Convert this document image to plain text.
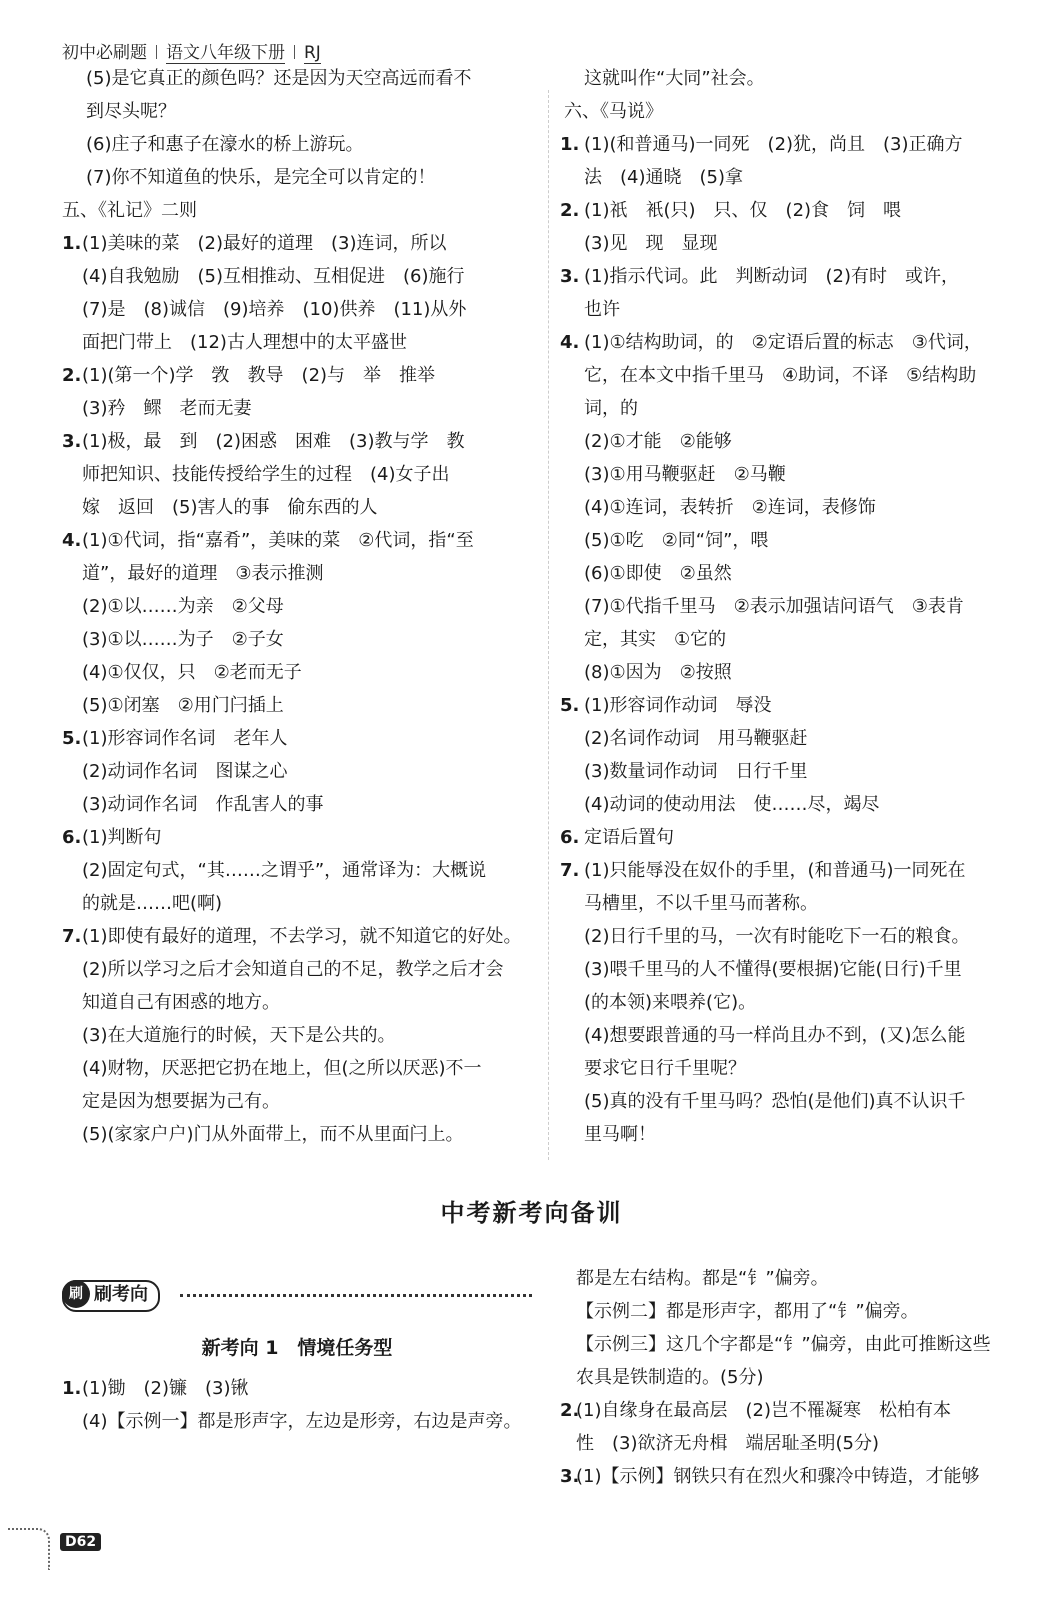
初中必刷题 语文八年级下册 RJ
(5)是它真正的颜色吗？还是因为天空高远而看不
到尽头呢？
(6)庄子和惠子在濠水的桥上游玩。
(7)你不知道鱼的快乐，是完全可以肯定的！
五、《礼记》二则
1. (1)美味的菜　(2)最好的道理　(3)连词，所以
(4)自我勉励　(5)互相推动、互相促进　(6)施行
(7)是　(8)诚信　(9)培养　(10)供养　(11)从外
面把门带上　(12)古人理想中的太平盛世
2. (1)(第一个)学　敩　教导　(2)与　举　推举
(3)矜　鳏　老而无妻
3. (1)极，最　到　(2)困惑　困难　(3)教与学　教
师把知识、技能传授给学生的过程　(4)女子出
嫁　返回　(5)害人的事　偷东西的人
4. (1)①代词，指“嘉肴”，美味的菜　②代词，指“至
道”，最好的道理　③表示推测
(2)①以……为亲　②父母
(3)①以……为子　②子女
(4)①仅仅，只　②老而无子
(5)①闭塞　②用门闩插上
5. (1)形容词作名词　老年人
(2)动词作名词　图谋之心
(3)动词作名词　作乱害人的事
6. (1)判断句
(2)固定句式，“其……之谓乎”，通常译为：大概说
的就是……吧(啊)
7. (1)即使有最好的道理，不去学习，就不知道它的好处。
(2)所以学习之后才会知道自己的不足，教学之后才会
知道自己有困惑的地方。
(3)在大道施行的时候，天下是公共的。
(4)财物，厌恶把它扔在地上，但(之所以厌恶)不一
定是因为想要据为己有。
(5)(家家户户)门从外面带上，而不从里面闩上。
这就叫作“大同”社会。
六、《马说》
1. (1)(和普通马)一同死　(2)犹，尚且　(3)正确方
法　(4)通晓　(5)拿
2. (1)祇　衹(只)　只、仅　(2)食　饲　喂
(3)见　现　显现
3. (1)指示代词。此　判断动词　(2)有时　或许，
也许
4. (1)①结构助词，的　②定语后置的标志　③代词，
它，在本文中指千里马　④助词，不译　⑤结构助
词，的
(2)①才能　②能够
(3)①用马鞭驱赶　②马鞭
(4)①连词，表转折　②连词，表修饰
(5)①吃　②同“饲”，喂
(6)①即使　②虽然
(7)①代指千里马　②表示加强诘问语气　③表肯
定，其实　①它的
(8)①因为　②按照
5. (1)形容词作动词　辱没
(2)名词作动词　用马鞭驱赶
(3)数量词作动词　日行千里
(4)动词的使动用法　使……尽，竭尽
6. 定语后置句
7. (1)只能辱没在奴仆的手里，(和普通马)一同死在
马槽里，不以千里马而著称。
(2)日行千里的马，一次有时能吃下一石的粮食。
(3)喂千里马的人不懂得(要根据)它能(日行)千里
(的本领)来喂养(它)。
(4)想要跟普通的马一样尚且办不到，(又)怎么能
要求它日行千里呢？
(5)真的没有千里马吗？恐怕(是他们)真不认识千
里马啊！
中考新考向备训
刷 刷考向
新考向 1　情境任务型
1. (1)锄　(2)镰　(3)锹
(4)【示例一】都是形声字，左边是形旁，右边是声旁。
都是左右结构。都是“钅”偏旁。
【示例二】都是形声字，都用了“钅”偏旁。
【示例三】这几个字都是“钅”偏旁，由此可推断这些
农具是铁制造的。(5分)
2.
(1)自缘身在最高层　(2)岂不罹凝寒　松柏有本
性　(3)欲济无舟楫　端居耻圣明(5分)
3.
(1)【示例】钢铁只有在烈火和骤冷中铸造，才能够
D62
